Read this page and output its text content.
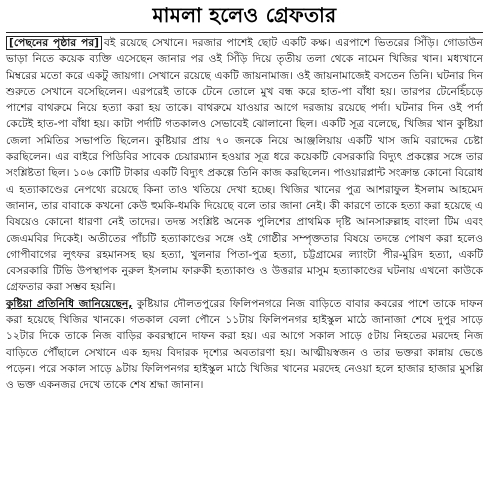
মামলা হলেও গ্রেফতার

[পেছনের পৃষ্ঠার পর] বই রয়েছে সেখানে। দরজার পাশেই ছোট একটি কক্ষ। এরপাশে ভিতরের সিঁড়ি। গোডাউন ভাড়া নিতে কয়েক ব্যক্তি এসেছেন জানার পর ওই সিঁড়ি দিয়ে তৃতীয় তলা থেকে নামেন খিজির খান। মধ্যখানে মিম্বরের মতো করে একটু জায়গা। সেখানে রয়েছে একটি জায়নামাজ। ওই জায়নামাজেই বসতেন তিনি। ঘটনার দিন শুরুতে সেখানে বসেছিলেন। এরপরেই তাকে টেনে তোলে মুখ বন্ধ করে হাত-পা বাঁধা হয়। তারপর টেনেহিঁচড়ে পাশের বাথরুমে নিয়ে হত্যা করা হয় তাকে। বাথরুমে যাওয়ার আগে দরজায় রয়েছে পর্দা। ঘটনার দিন ওই পর্দা কেটেই হাত-পা বাঁধা হয়। কাটা পর্দাটি গতকালও সেভাবেই ঝোলানো ছিল। একটি সূত্র বলেছে, খিজির খান কুষ্টিয়া জেলা সমিতির সভাপতি ছিলেন। কুষ্টিয়ার প্রায় ৭০ জনকে নিয়ে আঞ্জলিয়ায় একটি খাস জমি বরাদ্দের চেষ্টা করছিলেন। এর বাইরে পিডিবির সাবেক চেয়ারম্যান হওয়ার সূত্র ধরে কয়েকটি বেসরকারি বিদ্যুৎ প্রকল্পের সঙ্গে তার সংশ্লিষ্টতা ছিল। ১০৬ কোটি টাকার একটি বিদ্যুৎ প্রকল্পে তিনি কাজ করছিলেন। পাওয়ারপ্লান্ট সংক্রান্ত কোনো বিরোধ এ হত্যাকাণ্ডের নেপথ্যে রয়েছে কিনা তাও খতিয়ে দেখা হচ্ছে। খিজির খানের পুত্র আশরাফুল ইসলাম আহমেদ জানান, তার বাবাকে কখনো কেউ হুমকি-ধমকি দিয়েছে বলে তার জানা নেই। কী কারণে তাকে হত্যা করা হয়েছে এ বিষয়েও কোনো ধারণা নেই তাদের। তদন্ত সংশ্লিষ্ট অনেক পুলিশের প্রাথমিক দৃষ্টি আনসারুল্লাহ বাংলা টিম এবং জেএমবির দিকেই। অতীতের পাঁচটি হত্যাকাণ্ডের সঙ্গে ওই গোষ্ঠীর সম্পৃক্ততার বিষয়ে তদন্তে পোষণ করা হলেও গোপীবাগের লুৎফর রহমানসহ ছয় হত্যা, খুলনার পিতা-পুত্র হত্যা, চট্টগ্রামের ল্যাংটা পীর-মুরিদ হত্যা, একটি বেসরকারি টিভি উপস্থাপক নুরুল ইসলাম ফারুকী হত্যাকাণ্ড ও উত্তরার মাসুম হত্যাকাণ্ডের ঘটনায় এখনো কাউকে গ্রেফতার করা সম্ভব হয়নি।

কুষ্টিয়া প্রতিনিধি জানিয়েছেন, কুষ্টিয়ার দৌলতপুরের ফিলিপনগরে নিজ বাড়িতে বাবার কবরের পাশে তাকে দাফন করা হয়েছে খিজির খানকে। গতকাল বেলা পৌনে ১১টায় ফিলিপনগর হাইস্কুল মাঠে জানাজা শেষে দুপুর সাড়ে ১২টার দিকে তাকে নিজ বাড়ির কবরস্থানে দাফন করা হয়। এর আগে সকাল সাড়ে ৫টায় নিহতের মরদেহ নিজ বাড়িতে পৌঁছালে সেখানে এক হৃদয় বিদারক দৃশ্যের অবতারণা হয়। আত্মীয়স্বজন ও তার ভক্তরা কান্নায় ভেঙে পড়েন। পরে সকাল সাড়ে ৯টায় ফিলিপনগর হাইস্কুল মাঠে খিজির খানের মরদেহ নেওয়া হলে হাজার হাজার মুসল্লি ও ভক্ত একনজর দেখে তাকে শেষ শ্রদ্ধা জানান।
